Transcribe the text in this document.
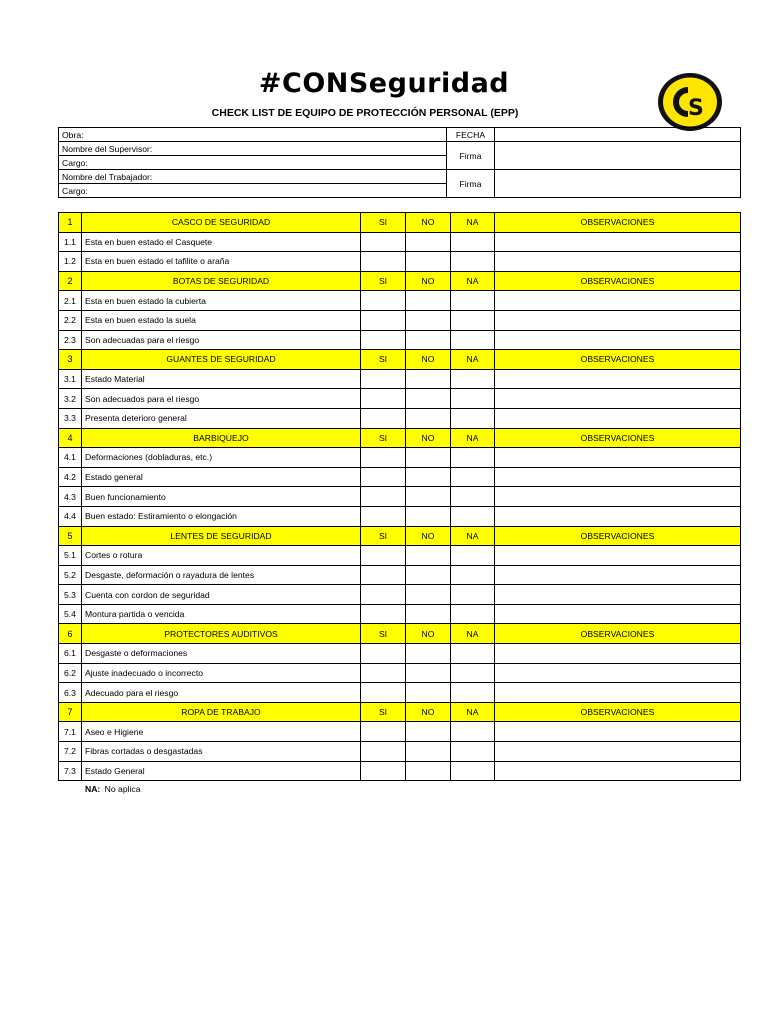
#CONSeguridad
CHECK LIST DE EQUIPO DE PROTECCIÓN PERSONAL (EPP)	S
Obra:	FECHA	
Nombre del Supervisor:	Firma	
Cargo:		
Nombre del Trabajador:	Firma	
Cargo:		
1	CASCO DE SEGURIDAD	SI	NO	NA	OBSERVACIONES
1.1	Esta en buen estado el Casquete				
1.2	Esta en buen estado el tafilite o araña				
2	BOTAS DE SEGURIDAD	SI	NO	NA	OBSERVACIONES
2.1	Esta en buen estado la cubierta				
2.2	Esta en buen estado la suela				
2.3	Son adecuadas para el riesgo				
3	GUANTES DE SEGURIDAD	SI	NO	NA	OBSERVACIONES
3.1	Estado Material				
3.2	Son adecuados para el riesgo				
3.3	Presenta deterioro general				
4	BARBIQUEJO	SI	NO	NA	OBSERVACIONES
4.1	Deformaciones (dobladuras, etc.)				
4.2	Estado general				
4.3	Buen funcionamiento				
4.4	Buen estado: Estiramiento o elongación				
5	LENTES DE SEGURIDAD	SI	NO	NA	OBSERVACIONES
5.1	Cortes o rotura				
5.2	Desgaste, deformación o rayadura de lentes				
5.3	Cuenta con cordon de seguridad				
5.4	Montura partida o vencida				
6	PROTECTORES AUDITIVOS	SI	NO	NA	OBSERVACIONES
6.1	Desgaste o deformaciones				
6.2	Ajuste inadecuado o incorrecto				
6.3	Adecuado para el riesgo				
7	ROPA DE TRABAJO	SI	NO	NA	OBSERVACIONES
7.1	Aseo e Higiene				
7.2	Fibras cortadas o desgastadas				
7.3	Estado General				
NA: No aplica
